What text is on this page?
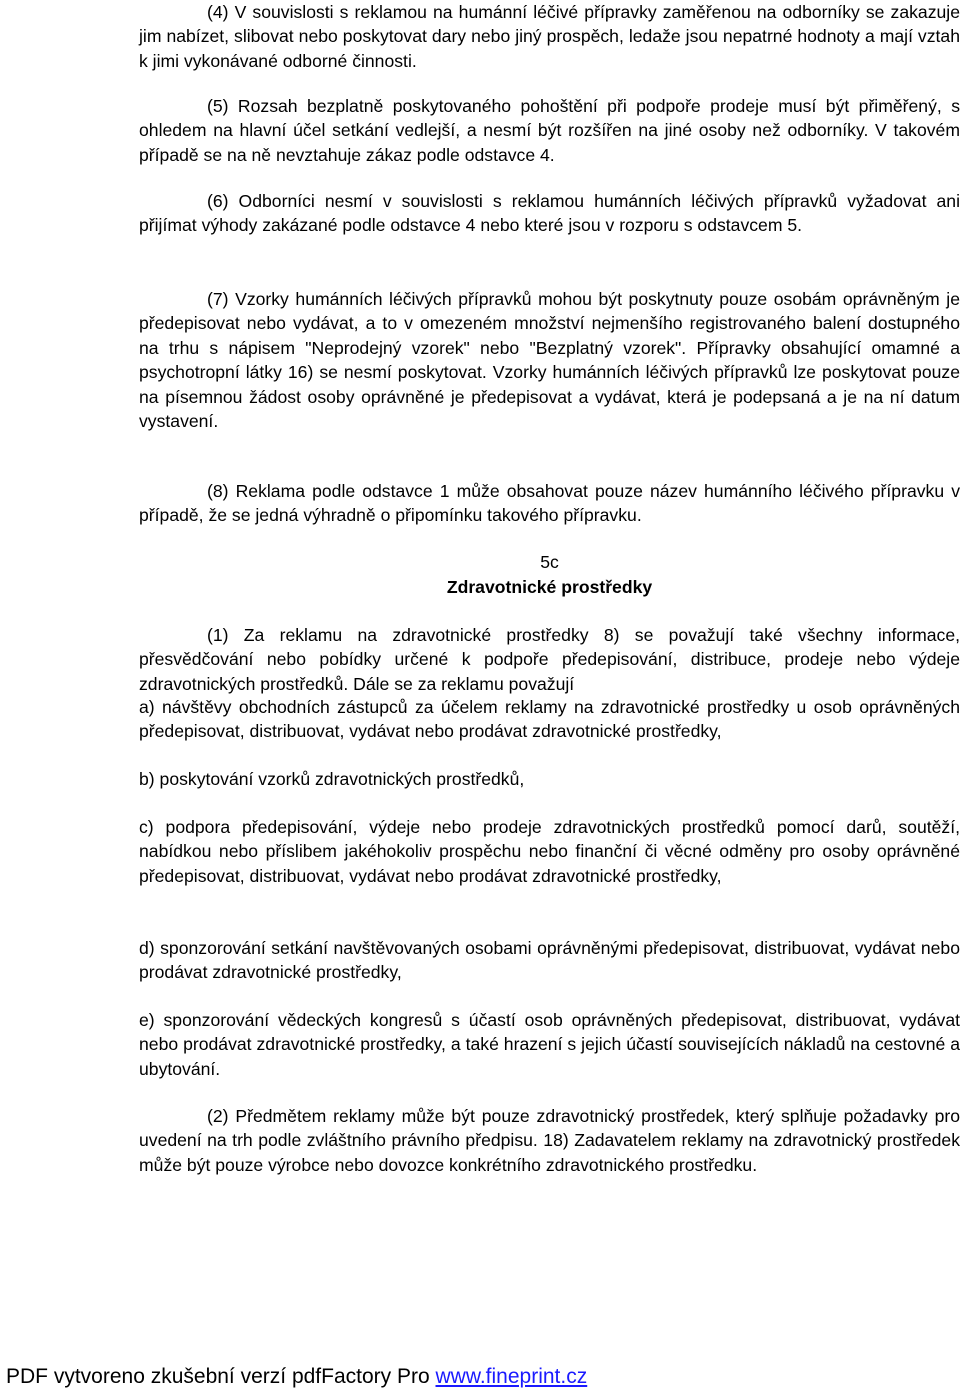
(4) V souvislosti s reklamou na humánní léčivé přípravky zaměřenou na odborníky se zakazuje jim nabízet, slibovat nebo poskytovat dary nebo jiný prospěch, ledaže jsou nepatrné hodnoty a mají vztah k jimi vykonávané odborné činnosti.

(5) Rozsah bezplatně poskytovaného pohoštění při podpoře prodeje musí být přiměřený, s ohledem na hlavní účel setkání vedlejší, a nesmí být rozšířen na jiné osoby než odborníky. V takovém případě se na ně nevztahuje zákaz podle odstavce 4.

(6) Odborníci nesmí v souvislosti s reklamou humánních léčivých přípravků vyžadovat ani přijímat výhody zakázané podle odstavce 4 nebo které jsou v rozporu s odstavcem 5.

(7) Vzorky humánních léčivých přípravků mohou být poskytnuty pouze osobám oprávněným je předepisovat nebo vydávat, a to v omezeném množství nejmenšího registrovaného balení dostupného na trhu s nápisem "Neprodejný vzorek" nebo "Bezplatný vzorek". Přípravky obsahující omamné a psychotropní látky 16) se nesmí poskytovat. Vzorky humánních léčivých přípravků lze poskytovat pouze na písemnou žádost osoby oprávněné je předepisovat a vydávat, která je podepsaná a je na ní datum vystavení.

(8) Reklama podle odstavce 1 může obsahovat pouze název humánního léčivého přípravku v případě, že se jedná výhradně o připomínku takového přípravku.

5c

Zdravotnické prostředky

(1) Za reklamu na zdravotnické prostředky 8) se považují také všechny informace, přesvědčování nebo pobídky určené k podpoře předepisování, distribuce, prodeje nebo výdeje zdravotnických prostředků. Dále se za reklamu považují

a) návštěvy obchodních zástupců za účelem reklamy na zdravotnické prostředky u osob oprávněných předepisovat, distribuovat, vydávat nebo prodávat zdravotnické prostředky,

b) poskytování vzorků zdravotnických prostředků,

c) podpora předepisování, výdeje nebo prodeje zdravotnických prostředků pomocí darů, soutěží, nabídkou nebo příslibem jakéhokoliv prospěchu nebo finanční či věcné odměny pro osoby oprávněné předepisovat, distribuovat, vydávat nebo prodávat zdravotnické prostředky,

d) sponzorování setkání navštěvovaných osobami oprávněnými předepisovat, distribuovat, vydávat nebo prodávat zdravotnické prostředky,

e) sponzorování vědeckých kongresů s účastí osob oprávněných předepisovat, distribuovat, vydávat nebo prodávat zdravotnické prostředky, a také hrazení s jejich účastí souvisejících nákladů na cestovné a ubytování.

(2) Předmětem reklamy může být pouze zdravotnický prostředek, který splňuje požadavky pro uvedení na trh podle zvláštního právního předpisu. 18) Zadavatelem reklamy na zdravotnický prostředek může být pouze výrobce nebo dovozce konkrétního zdravotnického prostředku.

PDF vytvoreno zkušební verzí pdfFactory Pro www.fineprint.cz
